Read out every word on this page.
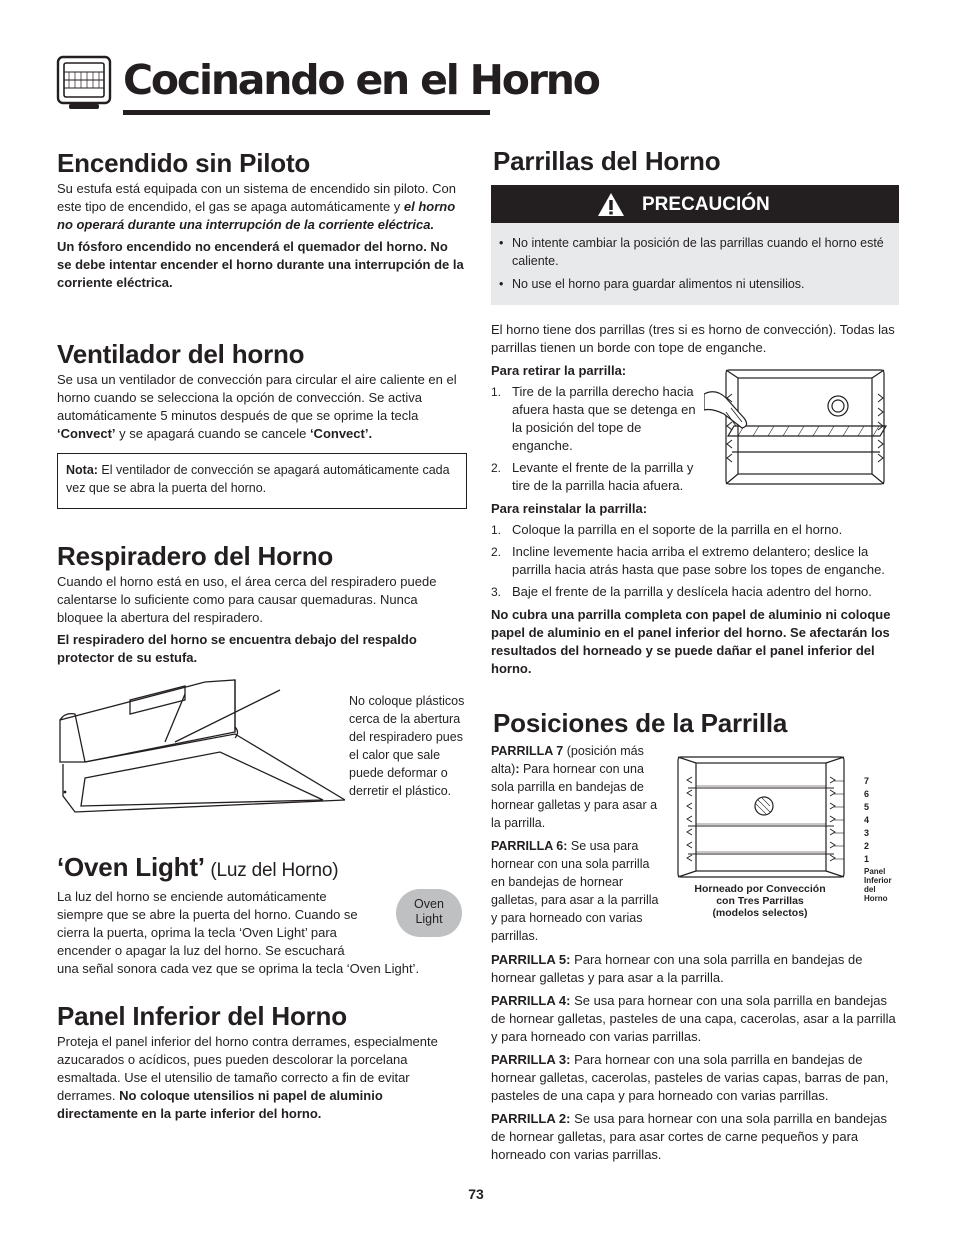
Cocinando en el Horno
Encendido sin Piloto

Su estufa está equipada con un sistema de encendido sin piloto. Con este tipo de encendido, el gas se apaga automáticamente y el horno no operará durante una interrupción de la corriente eléctrica.

Un fósforo encendido no encenderá el quemador del horno. No se debe intentar encender el horno durante una interrupción de la corriente eléctrica.

Ventilador del horno

Se usa un ventilador de convección para circular el aire caliente en el horno cuando se selecciona la opción de convección. Se activa automáticamente 5 minutos después de que se oprime la tecla ‘Convect’ y se apagará cuando se cancele ‘Convect’.

Nota: El ventilador de convección se apagará automáticamente cada vez que se abra la puerta del horno.

Respiradero del Horno

Cuando el horno está en uso, el área cerca del respiradero puede calentarse lo suficiente como para causar quemaduras. Nunca bloquee la abertura del respiradero.

El respiradero del horno se encuentra debajo del respaldo protector de su estufa.

No coloque plásticos cerca de la abertura del respiradero pues el calor que sale puede deformar o derretir el plástico.

‘Oven Light’ (Luz del Horno)

La luz del horno se enciende automáticamente siempre que se abre la puerta del horno. Cuando se cierra la puerta, oprima la tecla ‘Oven Light’ para encender o apagar la luz del horno. Se escuchará

una señal sonora cada vez que se oprima la tecla ‘Oven Light’.

Oven
Light
Panel Inferior del Horno

Proteja el panel inferior del horno contra derrames, especialmente azucarados o acídicos, pues pueden descolorar la porcelana esmaltada. Use el utensilio de tamaño correcto a fin de evitar derrames. No coloque utensilios ni papel de aluminio directamente en la parte inferior del horno.

Parrillas del Horno
PRECAUCIÓN
• No intente cambiar la posición de las parrillas cuando el horno esté caliente.
• No use el horno para guardar alimentos ni utensilios.

El horno tiene dos parrillas (tres si es horno de convección). Todas las parrillas tienen un borde con tope de enganche.

Para retirar la parrilla:

1. Tire de la parrilla derecho hacia afuera hasta que se detenga en la posición del tope de enganche.
2. Levante el frente de la parrilla y tire de la parrilla hacia afuera.

Para reinstalar la parrilla:

1. Coloque la parrilla en el soporte de la parrilla en el horno.
2. Incline levemente hacia arriba el extremo delantero; deslice la parrilla hacia atrás hasta que pase sobre los topes de enganche.
3. Baje el frente de la parrilla y deslícela hacia adentro del horno.

No cubra una parrilla completa con papel de aluminio ni coloque papel de aluminio en el panel inferior del horno. Se afectarán los resultados del horneado y se puede dañar el panel inferior del horno.

Posiciones de la Parrilla

PARRILLA 7 (posición más alta): Para hornear con una sola parrilla en bandejas de hornear galletas y para asar a la parrilla.

PARRILLA 6: Se usa para hornear con una sola parrilla en bandejas de hornear galletas, para asar a la parrilla y para horneado con varias parrillas.

7
6
5
4
3
2
1
Panel
Inferior
del
Horno
Horneado por Convección
con Tres Parrillas
(modelos selectos)

PARRILLA 5: Para hornear con una sola parrilla en bandejas de hornear galletas y para asar a la parrilla.

PARRILLA 4: Se usa para hornear con una sola parrilla en bandejas de hornear galletas, pasteles de una capa, cacerolas, asar a la parrilla y para horneado con varias parrillas.

PARRILLA 3: Para hornear con una sola parrilla en bandejas de hornear galletas, cacerolas, pasteles de varias capas, barras de pan, pasteles de una capa y para horneado con varias parrillas.

PARRILLA 2: Se usa para hornear con una sola parrilla en bandejas de hornear galletas, para asar cortes de carne pequeños y para horneado con varias parrillas.

73
